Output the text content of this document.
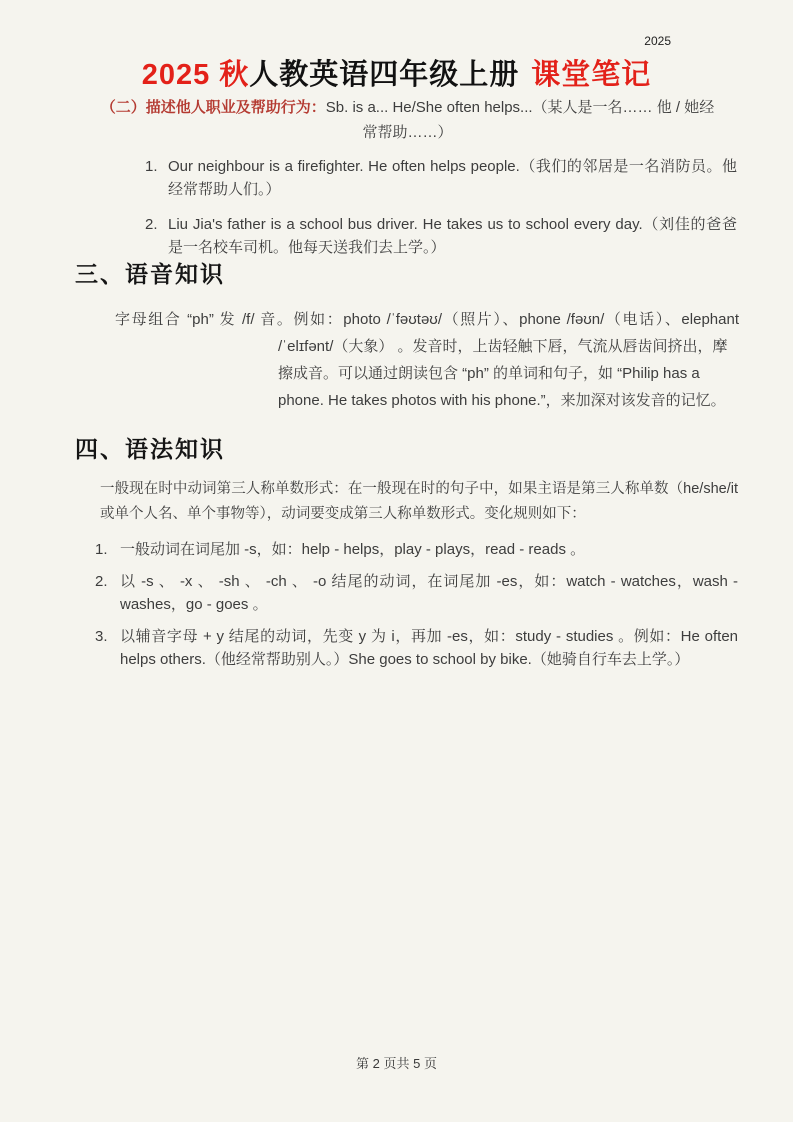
2025
2025 秋人教英语四年级上册 课堂笔记
（二）描述他人职业及帮助行为：Sb. is a... He/She often helps...（某人是一名…… 他 / 她经常帮助……）
1. Our neighbour is a firefighter. He often helps people.（我们的邻居是一名消防员。他经常帮助人们。）
2. Liu Jia's father is a school bus driver. He takes us to school every day.（刘佳的爸爸是一名校车司机。他每天送我们去上学。）
三、语音知识
字母组合 “ph” 发 /f/ 音。例如：photo /ˈfəʊtəʊ/（照片）、phone /fəʊn/（电话）、elephant
/ˈelɪfənt/（大象） 。发音时，上齿轻触下唇，气流从唇齿间挤出，摩
擦成音。可以通过朗读包含 “ph” 的单词和句子，如 “Philip has a
phone. He takes photos with his phone.”，来加深对该发音的记忆。
四、语法知识
一般现在时中动词第三人称单数形式：在一般现在时的句子中，如果主语是第三人称单数（he/she/it
或单个人名、单个事物等），动词要变成第三人称单数形式。变化规则如下：
1. 一般动词在词尾加 -s，如：help - helps，play - plays，read - reads 。
2. 以 -s 、 -x 、 -sh 、 -ch 、 -o 结尾的动词，在词尾加 -es，如：watch - watches，wash - washes，go - goes 。
3. 以辅音字母 + y 结尾的动词，先变 y 为 i，再加 -es，如：study - studies 。例如：He often helps others.（他经常帮助别人。）She goes to school by bike.（她骑自行车去上学。）
第 2 页共 5 页
